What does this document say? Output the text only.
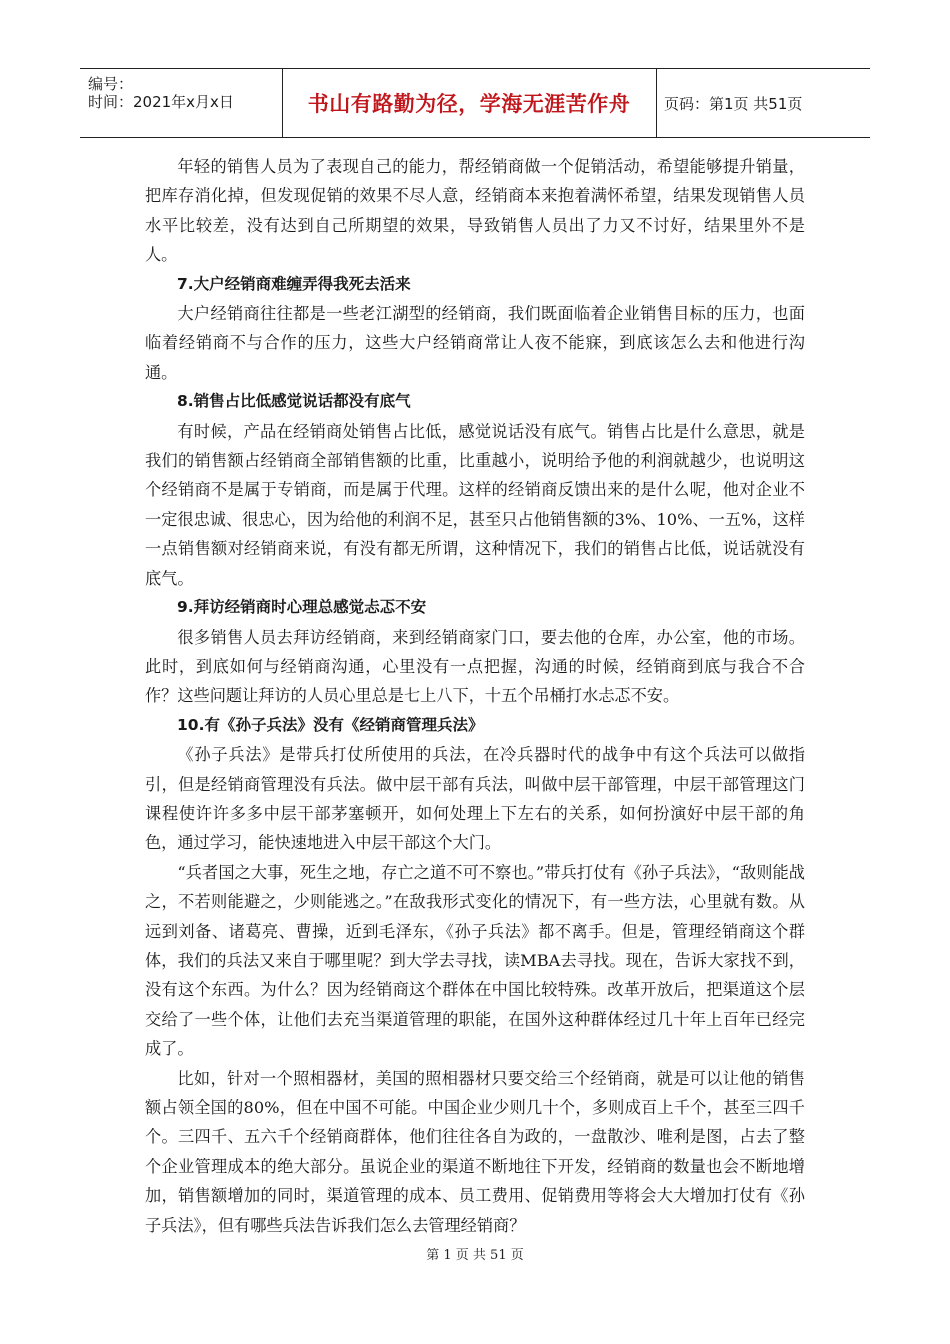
编号：
时间：2021年x月x日	书山有路勤为径，学海无涯苦作舟 页码：第1页 共51页

年轻的销售人员为了表现自己的能力，帮经销商做一个促销活动，希望能够提升销量，把库存消化掉，但发现促销的效果不尽人意，经销商本来抱着满怀希望，结果发现销售人员水平比较差，没有达到自己所期望的效果，导致销售人员出了力又不讨好，结果里外不是人。

7.大户经销商难缠弄得我死去活来

大户经销商往往都是一些老江湖型的经销商，我们既面临着企业销售目标的压力，也面临着经销商不与合作的压力，这些大户经销商常让人夜不能寐，到底该怎么去和他进行沟通。

8.销售占比低感觉说话都没有底气

有时候，产品在经销商处销售占比低，感觉说话没有底气。销售占比是什么意思，就是我们的销售额占经销商全部销售额的比重，比重越小，说明给予他的利润就越少，也说明这个经销商不是属于专销商，而是属于代理。这样的经销商反馈出来的是什么呢，他对企业不一定很忠诚、很忠心，因为给他的利润不足，甚至只占他销售额的3%、10%、一五%，这样一点销售额对经销商来说，有没有都无所谓，这种情况下，我们的销售占比低，说话就没有底气。

9.拜访经销商时心理总感觉忐忑不安

很多销售人员去拜访经销商，来到经销商家门口，要去他的仓库，办公室，他的市场。此时，到底如何与经销商沟通，心里没有一点把握，沟通的时候，经销商到底与我合不合作？这些问题让拜访的人员心里总是七上八下，十五个吊桶打水忐忑不安。

10.有《孙子兵法》没有《经销商管理兵法》

《孙子兵法》是带兵打仗所使用的兵法，在冷兵器时代的战争中有这个兵法可以做指引，但是经销商管理没有兵法。做中层干部有兵法，叫做中层干部管理，中层干部管理这门课程使许许多多中层干部茅塞顿开，如何处理上下左右的关系，如何扮演好中层干部的角色，通过学习，能快速地进入中层干部这个大门。

“兵者国之大事，死生之地，存亡之道不可不察也。”带兵打仗有《孙子兵法》，“敌则能战之，不若则能避之，少则能逃之。”在敌我形式变化的情况下，有一些方法，心里就有数。从远到刘备、诸葛亮、曹操，近到毛泽东，《孙子兵法》都不离手。但是，管理经销商这个群体，我们的兵法又来自于哪里呢？到大学去寻找，读MBA去寻找。现在，告诉大家找不到，没有这个东西。为什么？因为经销商这个群体在中国比较特殊。改革开放后，把渠道这个层交给了一些个体，让他们去充当渠道管理的职能，在国外这种群体经过几十年上百年已经完成了。

比如，针对一个照相器材，美国的照相器材只要交给三个经销商，就是可以让他的销售额占领全国的80%，但在中国不可能。中国企业少则几十个，多则成百上千个，甚至三四千个。三四千、五六千个经销商群体，他们往往各自为政的，一盘散沙、唯利是图，占去了整个企业管理成本的绝大部分。虽说企业的渠道不断地往下开发，经销商的数量也会不断地增加，销售额增加的同时，渠道管理的成本、员工费用、促销费用等将会大大增加打仗有《孙子兵法》，但有哪些兵法告诉我们怎么去管理经销商？

第 1 页 共 51 页
